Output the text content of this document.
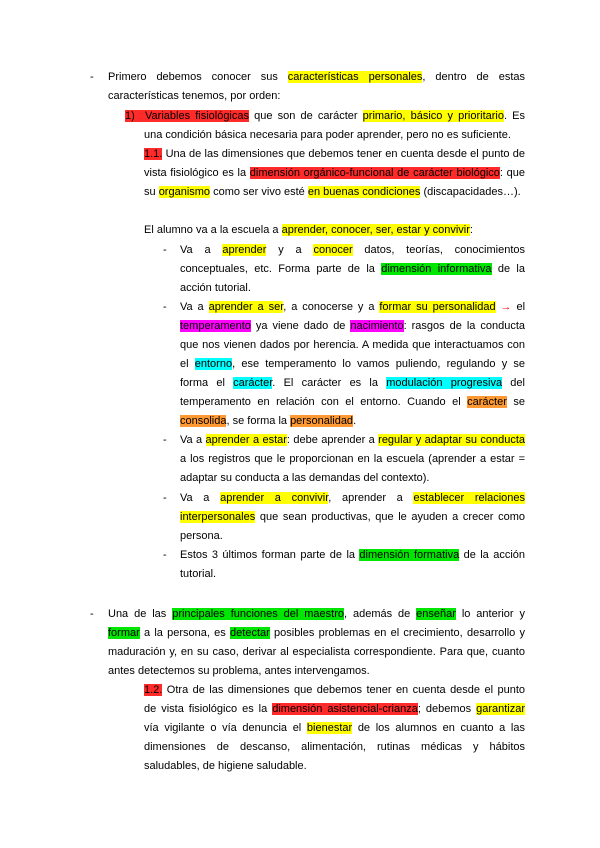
-
-
-
-
-
-
-
Primero debemos conocer sus características personales, dentro de estas
características tenemos, por orden:
1)  Variables fisiológicas que son de carácter primario, básico y prioritario. Es
una condición básica necesaria para poder aprender, pero no es suficiente.
1.1. Una de las dimensiones que debemos tener en cuenta desde el punto de
vista fisiológico es la dimensión orgánico-funcional de carácter biológico: que
su organismo como ser vivo esté en buenas condiciones (discapacidades…).
El alumno va a la escuela a aprender, conocer, ser, estar y convivir:
Va a aprender y a conocer datos, teorías, conocimientos
conceptuales, etc. Forma parte de la dimensión informativa de la
acción tutorial.
Va a aprender a ser, a conocerse y a formar su personalidad → el
temperamento ya viene dado de nacimiento: rasgos de la conducta
que nos vienen dados por herencia. A medida que interactuamos con
el entorno, ese temperamento lo vamos puliendo, regulando y se
forma el carácter. El carácter es la modulación progresiva del
temperamento en relación con el entorno. Cuando el carácter se
consolida, se forma la personalidad.
Va a aprender a estar: debe aprender a regular y adaptar su conducta
a los registros que le proporcionan en la escuela (aprender a estar =
adaptar su conducta a las demandas del contexto).
Va a aprender a convivir, aprender a establecer relaciones
interpersonales que sean productivas, que le ayuden a crecer como
persona.
Estos 3 últimos forman parte de la dimensión formativa de la acción
tutorial.
Una de las principales funciones del maestro, además de enseñar lo anterior y
formar a la persona, es detectar posibles problemas en el crecimiento, desarrollo y
maduración y, en su caso, derivar al especialista correspondiente. Para que, cuanto
antes detectemos su problema, antes intervengamos.
1.2. Otra de las dimensiones que debemos tener en cuenta desde el punto
de vista fisiológico es la dimensión asistencial-crianza; debemos garantizar
vía vigilante o vía denuncia el bienestar de los alumnos en cuanto a las
dimensiones de descanso, alimentación, rutinas médicas y hábitos
saludables, de higiene saludable.
